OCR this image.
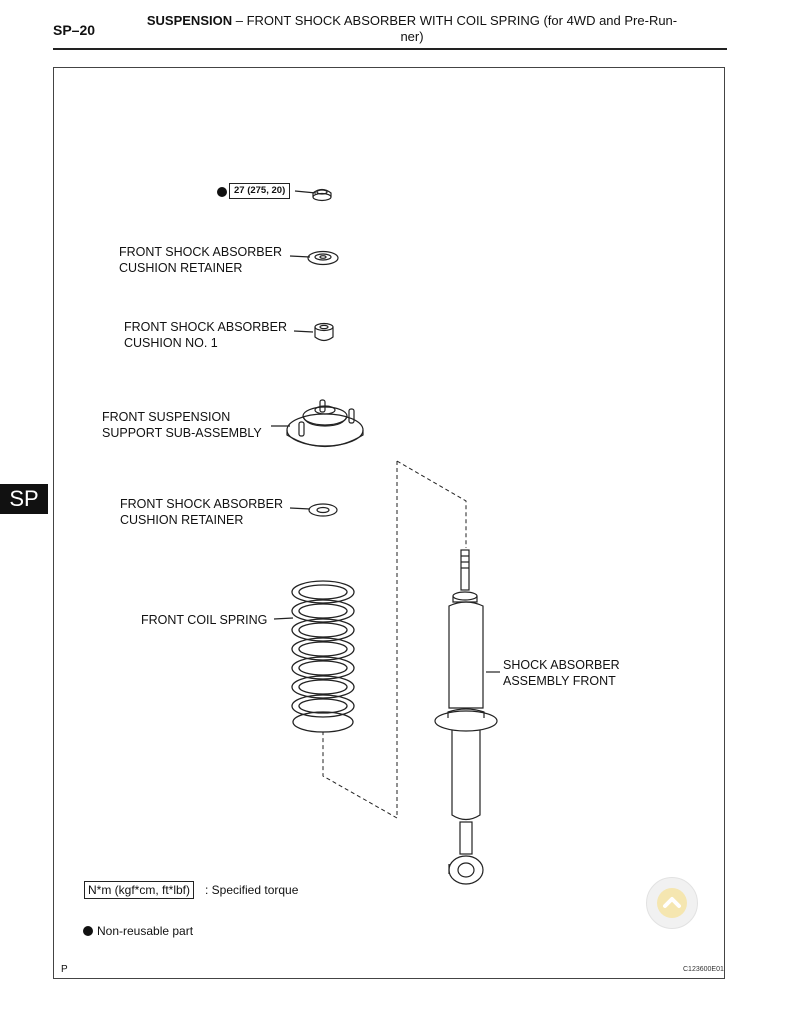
SP–20
SUSPENSION – FRONT SHOCK ABSORBER WITH COIL SPRING (for 4WD and Pre-Run-
ner)
SP
27 (275, 20)
FRONT SHOCK ABSORBER
CUSHION RETAINER
FRONT SHOCK ABSORBER
CUSHION NO. 1
FRONT SUSPENSION
SUPPORT SUB-ASSEMBLY
FRONT SHOCK ABSORBER
CUSHION RETAINER
FRONT COIL SPRING
SHOCK ABSORBER
ASSEMBLY FRONT
N*m (kgf*cm, ft*lbf)	: Specified torque
Non-reusable part
P	C123600E01
